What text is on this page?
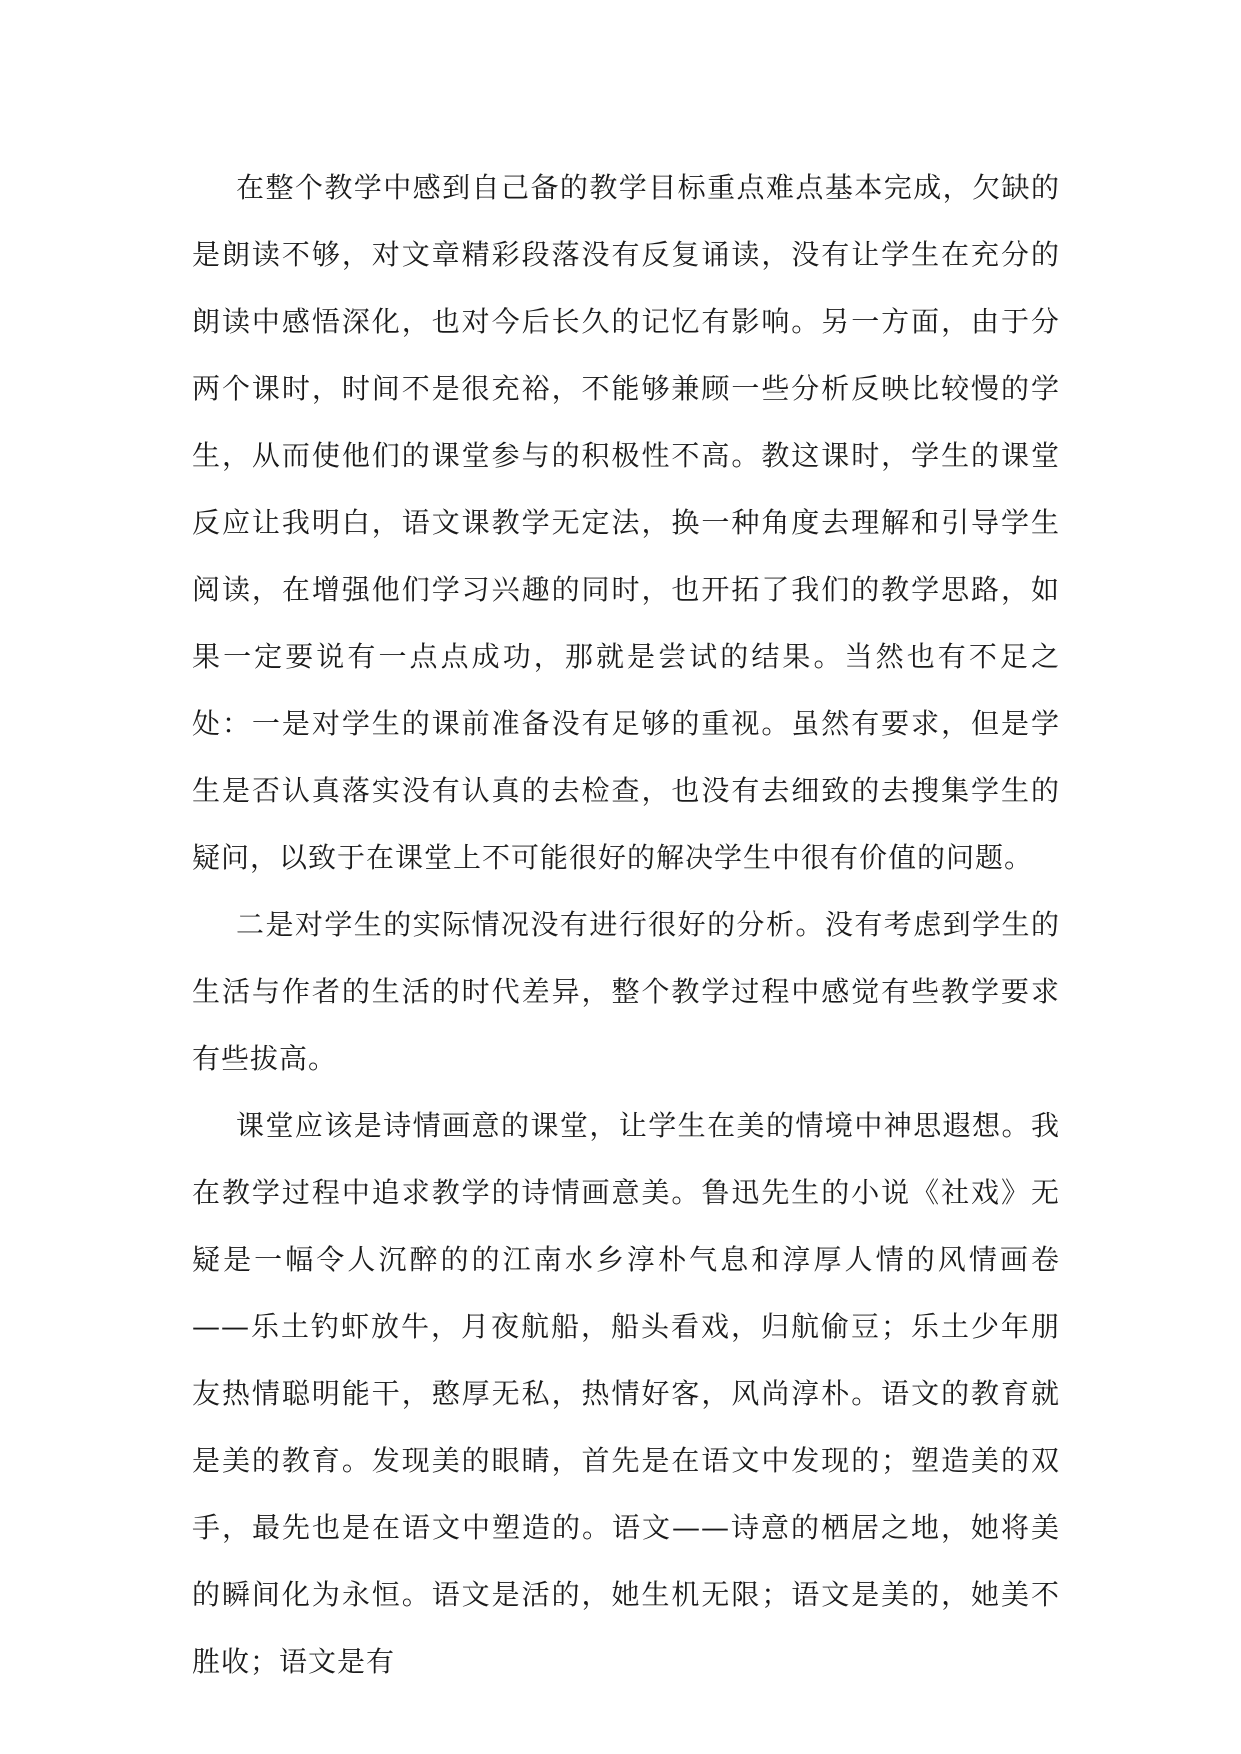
在整个教学中感到自己备的教学目标重点难点基本完成，欠缺的是朗读不够，对文章精彩段落没有反复诵读，没有让学生在充分的朗读中感悟深化，也对今后长久的记忆有影响。另一方面，由于分两个课时，时间不是很充裕，不能够兼顾一些分析反映比较慢的学生，从而使他们的课堂参与的积极性不高。教这课时，学生的课堂反应让我明白，语文课教学无定法，换一种角度去理解和引导学生阅读，在增强他们学习兴趣的同时，也开拓了我们的教学思路，如果一定要说有一点点成功，那就是尝试的结果。当然也有不足之处：一是对学生的课前准备没有足够的重视。虽然有要求，但是学生是否认真落实没有认真的去检查，也没有去细致的去搜集学生的疑问，以致于在课堂上不可能很好的解决学生中很有价值的问题。

二是对学生的实际情况没有进行很好的分析。没有考虑到学生的生活与作者的生活的时代差异，整个教学过程中感觉有些教学要求有些拔高。

课堂应该是诗情画意的课堂，让学生在美的情境中神思遐想。我在教学过程中追求教学的诗情画意美。鲁迅先生的小说《社戏》无疑是一幅令人沉醉的的江南水乡淳朴气息和淳厚人情的风情画卷——乐土钓虾放牛，月夜航船，船头看戏，归航偷豆；乐土少年朋友热情聪明能干，憨厚无私，热情好客，风尚淳朴。语文的教育就是美的教育。发现美的眼睛，首先是在语文中发现的；塑造美的双手，最先也是在语文中塑造的。语文——诗意的栖居之地，她将美的瞬间化为永恒。语文是活的，她生机无限；语文是美的，她美不胜收；语文是有
